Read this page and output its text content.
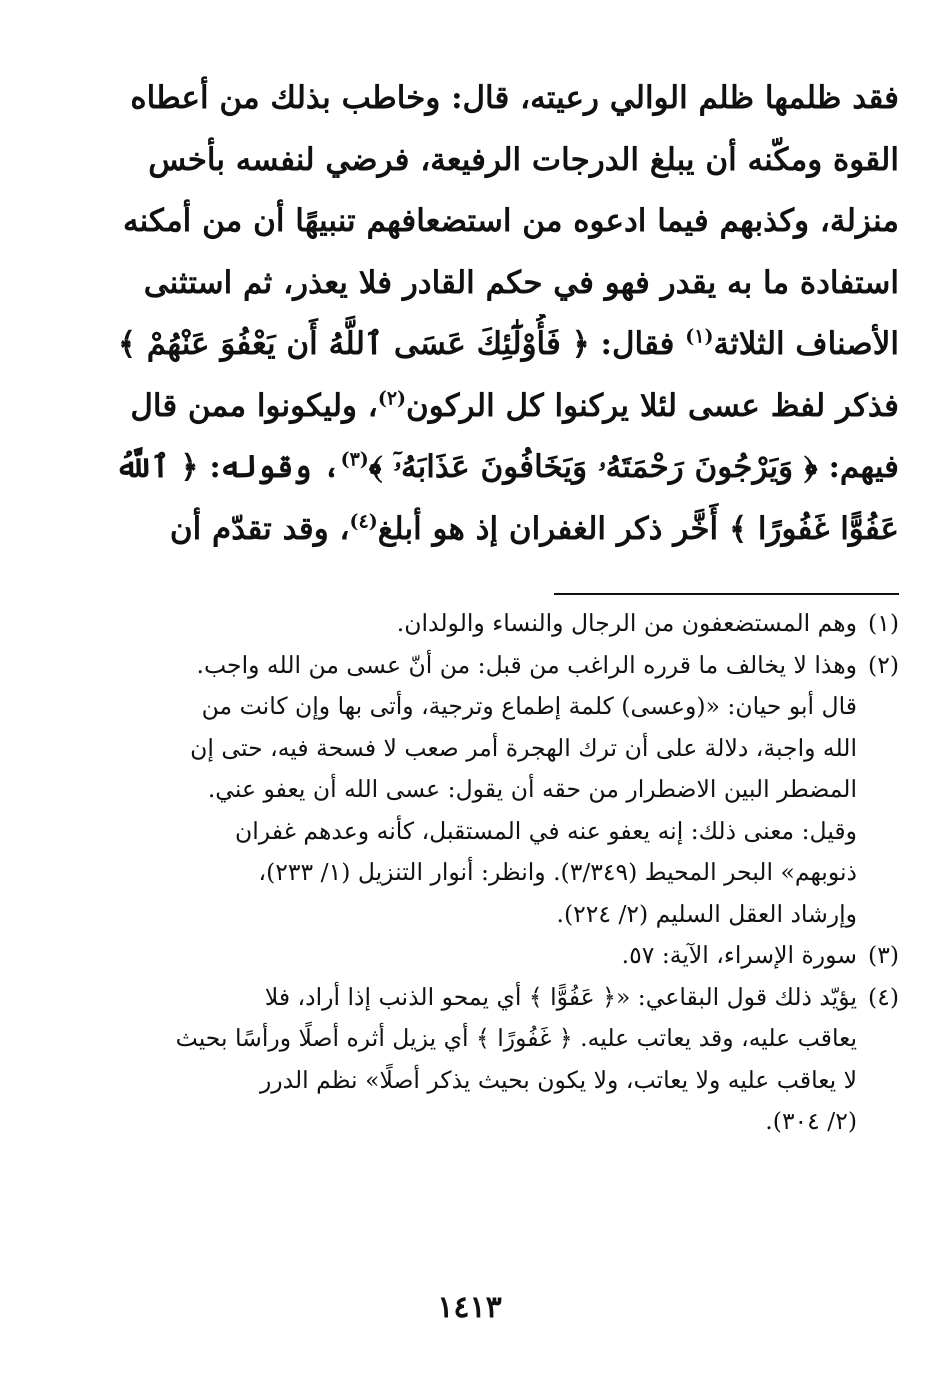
فقد ظلمها ظلم الوالي رعيته، قال: وخاطب بذلك من أعطاه
القوة ومكّنه أن يبلغ الدرجات الرفيعة، فرضي لنفسه بأخس
منزلة، وكذبهم فيما ادعوه من استضعافهم تنبيهًا أن من أمكنه
استفادة ما به يقدر فهو في حكم القادر فلا يعذر، ثم استثنى
الأصناف الثلاثة$^{(١)}$ فقال: ﴿ فَأُوْلَٰٓئِكَ عَسَى ٱللَّهُ أَن يَعْفُوَ عَنْهُمْ ﴾
فذكر لفظ عسى لئلا يركنوا كل الركون$^{(٢)}$، وليكونوا ممن قال
فيهم: ﴿ وَيَرْجُونَ رَحْمَتَهُۥ وَيَخَافُونَ عَذَابَهُۥٓ ﴾$^{(٣)}$، وقوله: ﴿ ٱللَّهُ
عَفُوًّا غَفُورًا ﴾ أَخَّر ذكر الغفران إذ هو أبلغ$^{(٤)}$، وقد تقدّم أن
(١)
وهم المستضعفون من الرجال والنساء والولدان.
(٢)
وهذا لا يخالف ما قرره الراغب من قبل: من أنّ عسى من الله واجب.
قال أبو حيان: «(وعسى) كلمة إطماع وترجية، وأتى بها وإن كانت من
الله واجبة، دلالة على أن ترك الهجرة أمر صعب لا فسحة فيه، حتى إن
المضطر البين الاضطرار من حقه أن يقول: عسى الله أن يعفو عني.
وقيل: معنى ذلك: إنه يعفو عنه في المستقبل، كأنه وعدهم غفران
ذنوبهم» البحر المحيط (٣/٣٤٩). وانظر: أنوار التنزيل (١/ ٢٣٣)،
وإرشاد العقل السليم (٢/ ٢٢٤).
(٣)
سورة الإسراء، الآية: ٥٧.
(٤)
يؤيّد ذلك قول البقاعي: «﴿ عَفُوًّا ﴾ أي يمحو الذنب إذا أراد، فلا
يعاقب عليه، وقد يعاتب عليه. ﴿ غَفُورًا ﴾ أي يزيل أثره أصلًا ورأسًا بحيث
لا يعاقب عليه ولا يعاتب، ولا يكون بحيث يذكر أصلًا» نظم الدرر
(٢/ ٣٠٤).
١٤١٣
